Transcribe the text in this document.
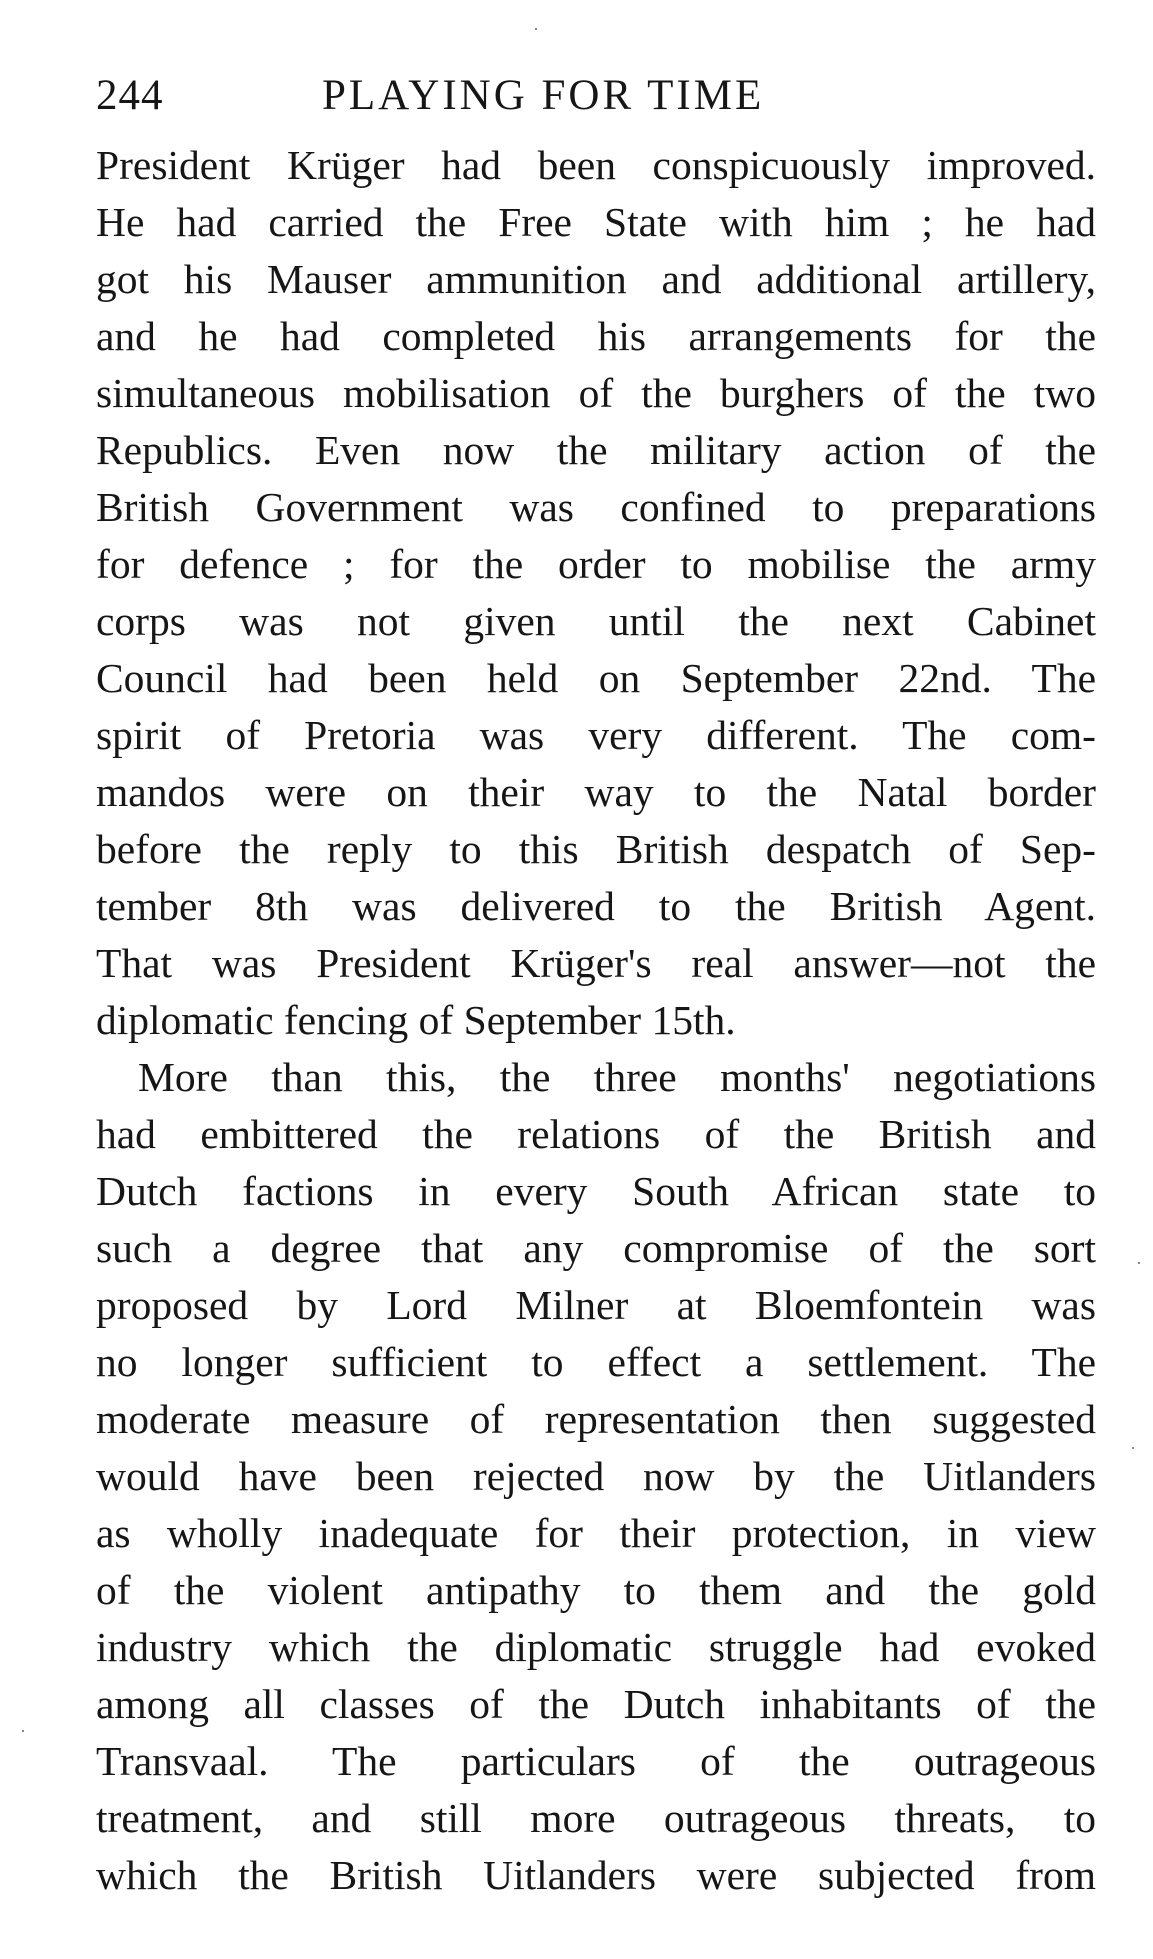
244	PLAYING FOR TIME
President Krüger had been conspicuously improved.
He had carried the Free State with him ; he had
got his Mauser ammunition and additional artillery,
and he had completed his arrangements for the
simultaneous mobilisation of the burghers of the two
Republics. Even now the military action of the
British Government was confined to preparations
for defence ; for the order to mobilise the army
corps was not given until the next Cabinet
Council had been held on September 22nd. The
spirit of Pretoria was very different. The com-
mandos were on their way to the Natal border
before the reply to this British despatch of Sep-
tember 8th was delivered to the British Agent.
That was President Krüger's real answer—not the
diplomatic fencing of September 15th.
More than this, the three months' negotiations
had embittered the relations of the British and
Dutch factions in every South African state to
such a degree that any compromise of the sort
proposed by Lord Milner at Bloemfontein was
no longer sufficient to effect a settlement. The
moderate measure of representation then suggested
would have been rejected now by the Uitlanders
as wholly inadequate for their protection, in view
of the violent antipathy to them and the gold
industry which the diplomatic struggle had evoked
among all classes of the Dutch inhabitants of the
Transvaal. The particulars of the outrageous
treatment, and still more outrageous threats, to
which the British Uitlanders were subjected from
